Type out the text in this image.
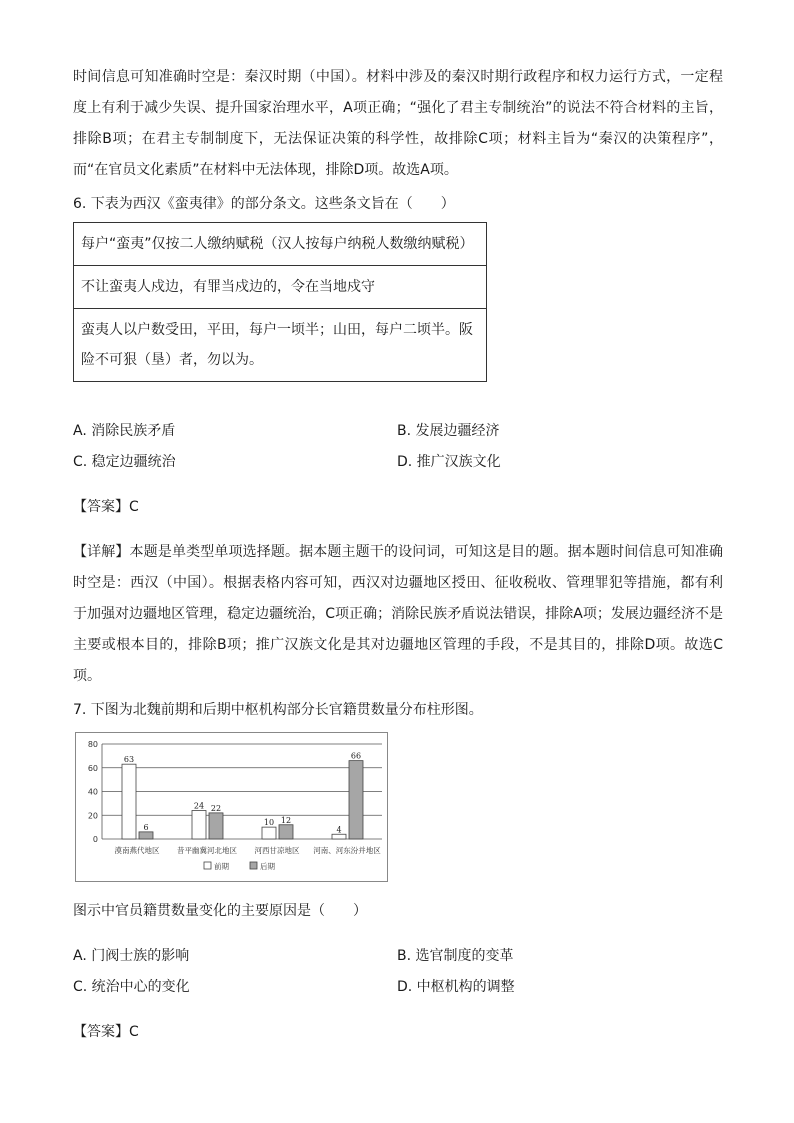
时间信息可知准确时空是：秦汉时期（中国）。材料中涉及的秦汉时期行政程序和权力运行方式，一定程度上有利于减少失误、提升国家治理水平，A项正确；“强化了君主专制统治”的说法不符合材料的主旨，排除B项；在君主专制制度下，无法保证决策的科学性，故排除C项；材料主旨为“秦汉的决策程序”，而“在官员文化素质”在材料中无法体现，排除D项。故选A项。

6. 下表为西汉《蛮夷律》的部分条文。这些条文旨在（　　）

每户“蛮夷”仅按二人缴纳赋税（汉人按每户纳税人数缴纳赋税）
不让蛮夷人戍边，有罪当戍边的，令在当地戍守
蛮夷人以户数受田，平田，每户一顷半；山田，每户二顷半。阪险不可狠（垦）者，勿以为。
A. 消除民族矛盾	B. 发展边疆经济
C. 稳定边疆统治	D. 推广汉族文化

【答案】C

【详解】本题是单类型单项选择题。据本题主题干的设问词，可知这是目的题。据本题时间信息可知准确时空是：西汉（中国）。根据表格内容可知，西汉对边疆地区授田、征收税收、管理罪犯等措施，都有利于加强对边疆地区管理，稳定边疆统治，C项正确；消除民族矛盾说法错误，排除A项；发展边疆经济不是主要或根本目的，排除B项；推广汉族文化是其对边疆地区管理的手段，不是其目的，排除D项。故选C项。

7. 下图为北魏前期和后期中枢机构部分长官籍贯数量分布柱形图。

0
20
40
60
80
63
6
漠南燕代地区
24 22
昔平幽冀河北地区
10 12
河西甘凉地区
4
66
河南、河东汾并地区
前期	后期

图示中官员籍贯数量变化的主要原因是（　　）

A. 门阀士族的影响	B. 选官制度的变革
C. 统治中心的变化	D. 中枢机构的调整

【答案】C
